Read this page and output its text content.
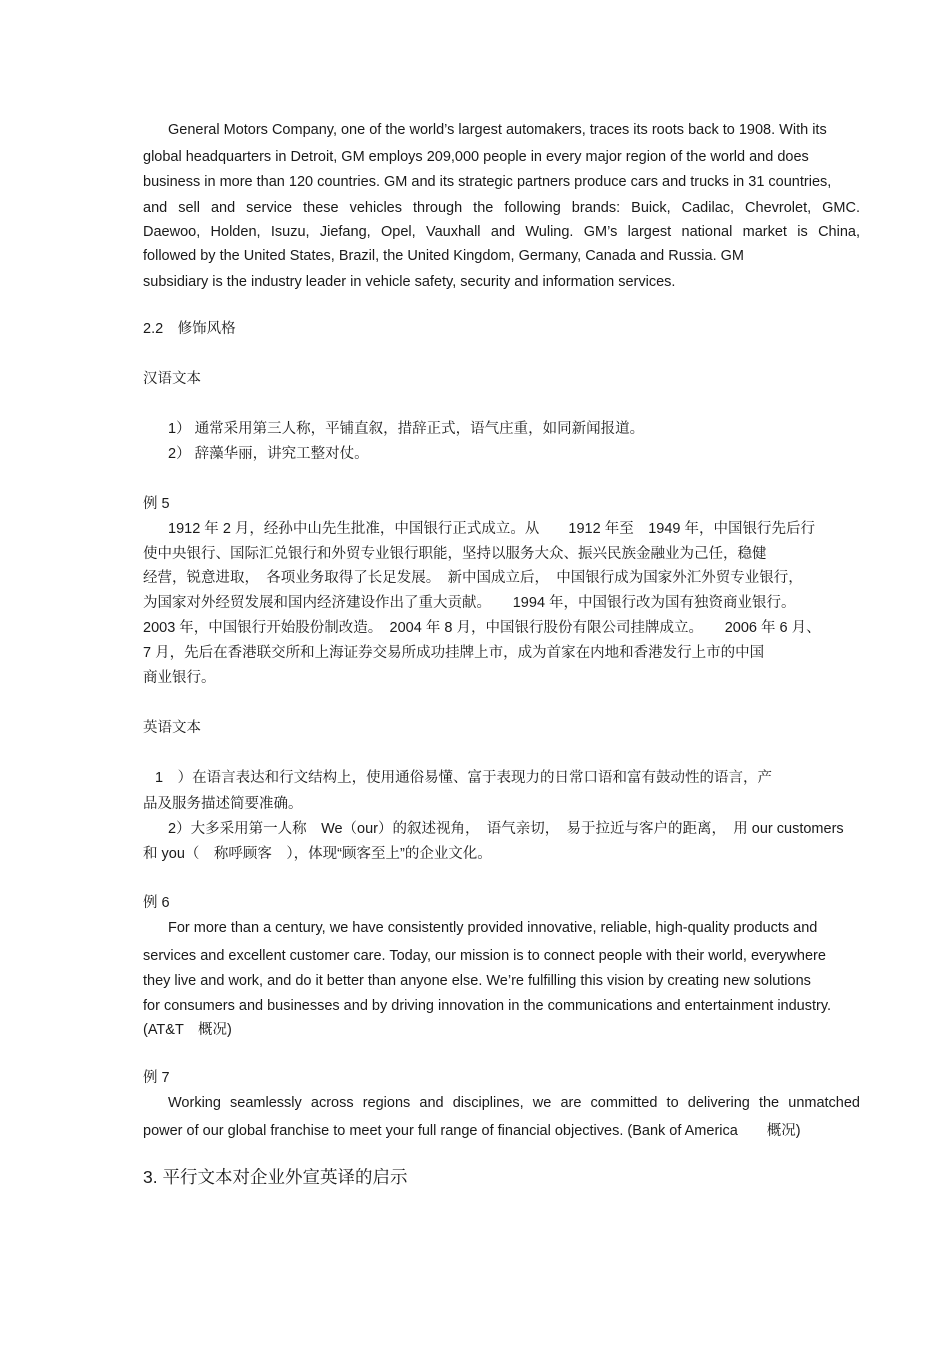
General Motors Company, one of the world’s largest automakers, traces its roots back to 1908. With its
global headquarters in Detroit, GM employs 209,000 people in every major region of the world and does
business in more than 120 countries. GM and its strategic partners produce cars and trucks in 31 countries,
and sell and service these vehicles through the following brands: Buick, Cadilac, Chevrolet, GMC.
Daewoo, Holden, Isuzu, Jiefang, Opel, Vauxhall and Wuling. GM’s largest national market is China,
followed by the United States, Brazil, the United Kingdom, Germany, Canada and Russia. GM
subsidiary is the industry leader in vehicle safety, security and information services.
2.2　修饰风格
汉语文本
1） 通常采用第三人称，平铺直叙，措辞正式，语气庄重，如同新闻报道。
2） 辞藻华丽，讲究工整对仗。
例 5
1912 年 2 月，经孙中山先生批准，中国银行正式成立。从　　1912 年至　1949 年，中国银行先后行
使中央银行、国际汇兑银行和外贸专业银行职能，坚持以服务大众、振兴民族金融业为己任，稳健
经营，锐意进取，　各项业务取得了长足发展。　新中国成立后，　中国银行成为国家外汇外贸专业银行，
为国家对外经贸发展和国内经济建设作出了重大贡献。　　1994 年，中国银行改为国有独资商业银行。
2003 年，中国银行开始股份制改造。　2004 年 8 月，中国银行股份有限公司挂牌成立。　　2006 年 6 月、
7 月，先后在香港联交所和上海证券交易所成功挂牌上市，成为首家在内地和香港发行上市的中国
商业银行。
英语文本
1　）在语言表达和行文结构上，使用通俗易懂、富于表现力的日常口语和富有鼓动性的语言，产
品及服务描述简要准确。
2）大多采用第一人称　We（our）的叙述视角，　语气亲切，　易于拉近与客户的距离，　用 our customers
和 you（　称呼顾客　），体现“顾客至上”的企业文化。
例 6
For more than a century, we have consistently provided innovative, reliable, high-quality products and
services and excellent customer care. Today, our mission is to connect people with their world, everywhere
they live and work, and do it better than anyone else. We’re fulfilling this vision by creating new solutions
for consumers and businesses and by driving innovation in the communications and entertainment industry.
(AT&T　概况)
例 7
Working seamlessly across regions and disciplines, we are committed to delivering the unmatched
power of our global franchise to meet your full range of financial objectives. (Bank of America　　概况)
3. 平行文本对企业外宣英译的启示
